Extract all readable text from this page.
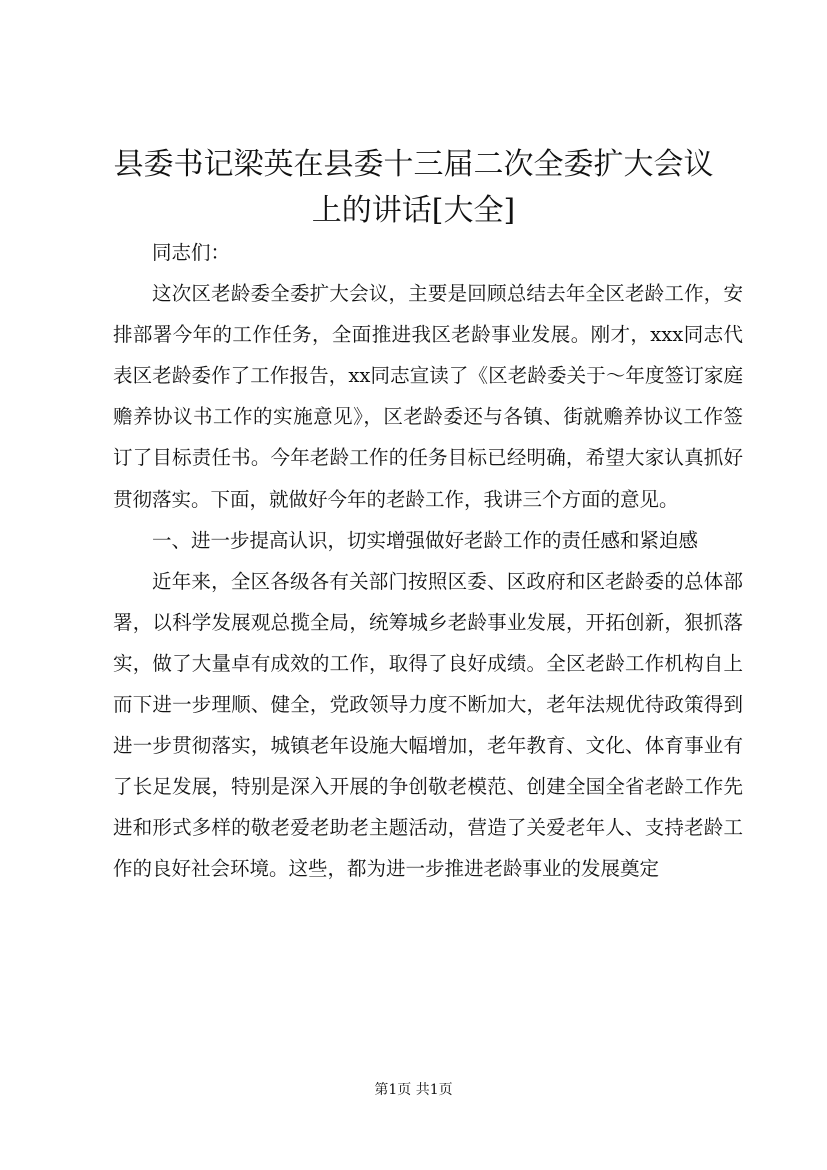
县委书记梁英在县委十三届二次全委扩大会议上的讲话[大全]

同志们：

这次区老龄委全委扩大会议，主要是回顾总结去年全区老龄工作，安排部署今年的工作任务，全面推进我区老龄事业发展。刚才，xxx同志代表区老龄委作了工作报告，xx同志宣读了《区老龄委关于～年度签订家庭赡养协议书工作的实施意见》，区老龄委还与各镇、街就赡养协议工作签订了目标责任书。今年老龄工作的任务目标已经明确，希望大家认真抓好贯彻落实。下面，就做好今年的老龄工作，我讲三个方面的意见。

一、进一步提高认识，切实增强做好老龄工作的责任感和紧迫感

近年来，全区各级各有关部门按照区委、区政府和区老龄委的总体部署，以科学发展观总揽全局，统筹城乡老龄事业发展，开拓创新，狠抓落实，做了大量卓有成效的工作，取得了良好成绩。全区老龄工作机构自上而下进一步理顺、健全，党政领导力度不断加大，老年法规优待政策得到进一步贯彻落实，城镇老年设施大幅增加，老年教育、文化、体育事业有了长足发展，特别是深入开展的争创敬老模范、创建全国全省老龄工作先进和形式多样的敬老爱老助老主题活动，营造了关爱老年人、支持老龄工作的良好社会环境。这些，都为进一步推进老龄事业的发展奠定

第1页 共1页
